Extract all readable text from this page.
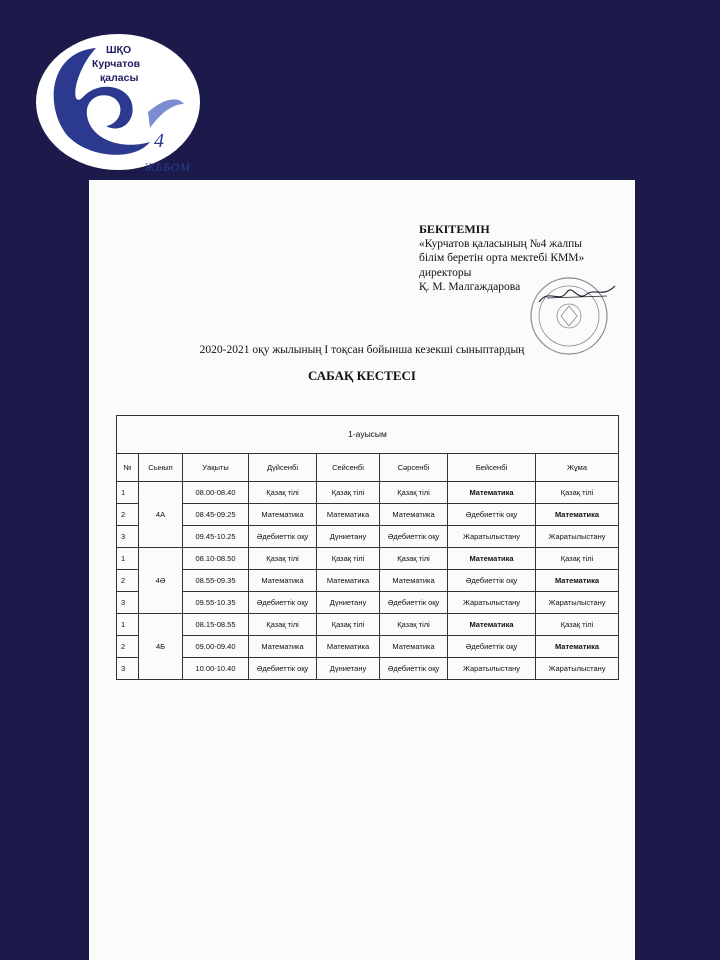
ШҚО
Курчатов
қаласы
4
ЖББОМ
БЕКІТЕМІН
«Курчатов қаласының №4 жалпы
білім беретін орта мектебі КММ»
директоры
Қ. М. Малгаждарова
2020-2021 оқу жылының І тоқсан бойынша кезекші сыныптардың
САБАҚ КЕСТЕСІ
1-ауысым							
№	Сынып	Уақыты	Дүйсенбі	Сейсенбі	Сәрсенбі	Бейсенбі	Жұма
1	4А	08.00-08.40	Қазақ тілі	Қазақ тілі	Қазақ тілі	Математика	Қазақ тілі
2		08.45-09.25	Математика	Математика	Математика	Әдебиеттік оқу	Математика
3		09.45-10.25	Әдебиеттік оқу	Дүниетану	Әдебиеттік оқу	Жаратылыстану	Жаратылыстану
1	4Ә	08.10-08.50	Қазақ тілі	Қазақ тілі	Қазақ тілі	Математика	Қазақ тілі
2		08.55-09.35	Математика	Математика	Математика	Әдебиеттік оқу	Математика
3		09.55-10.35	Әдебиеттік оқу	Дүниетану	Әдебиеттік оқу	Жаратылыстану	Жаратылыстану
1	4Б	08.15-08.55	Қазақ тілі	Қазақ тілі	Қазақ тілі	Математика	Қазақ тілі
2		09.00-09.40	Математика	Математика	Математика	Әдебиеттік оқу	Математика
3		10.00-10.40	Әдебиеттік оқу	Дүниетану	Әдебиеттік оқу	Жаратылыстану	Жаратылыстану
